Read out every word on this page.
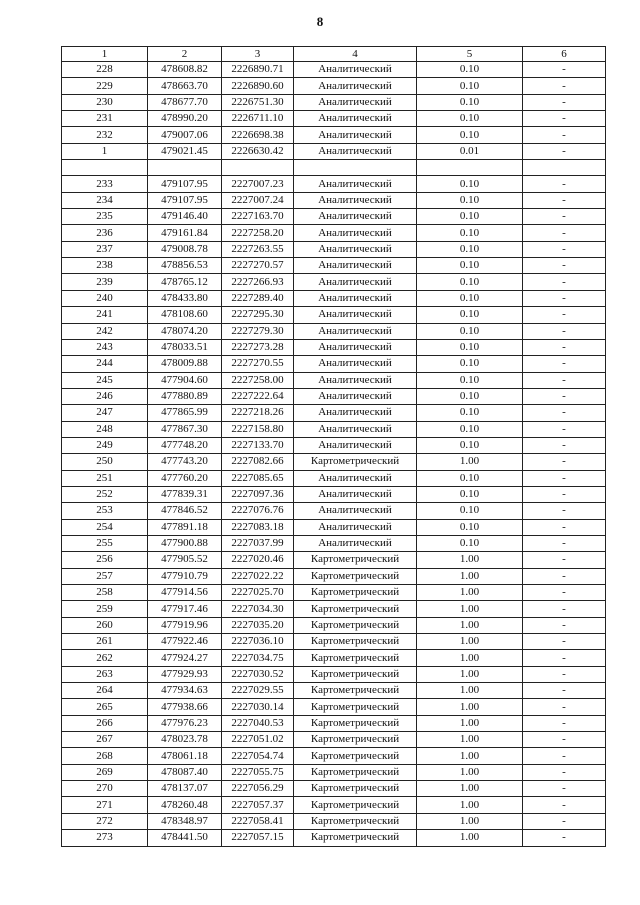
8
1	2	3	4	5	6
228	478608.82	2226890.71	Аналитический	0.10	-
229	478663.70	2226890.60	Аналитический	0.10	-
230	478677.70	2226751.30	Аналитический	0.10	-
231	478990.20	2226711.10	Аналитический	0.10	-
232	479007.06	2226698.38	Аналитический	0.10	-
1	479021.45	2226630.42	Аналитический	0.01	-

233	479107.95	2227007.23	Аналитический	0.10	-
234	479107.95	2227007.24	Аналитический	0.10	-
235	479146.40	2227163.70	Аналитический	0.10	-
236	479161.84	2227258.20	Аналитический	0.10	-
237	479008.78	2227263.55	Аналитический	0.10	-
238	478856.53	2227270.57	Аналитический	0.10	-
239	478765.12	2227266.93	Аналитический	0.10	-
240	478433.80	2227289.40	Аналитический	0.10	-
241	478108.60	2227295.30	Аналитический	0.10	-
242	478074.20	2227279.30	Аналитический	0.10	-
243	478033.51	2227273.28	Аналитический	0.10	-
244	478009.88	2227270.55	Аналитический	0.10	-
245	477904.60	2227258.00	Аналитический	0.10	-
246	477880.89	2227222.64	Аналитический	0.10	-
247	477865.99	2227218.26	Аналитический	0.10	-
248	477867.30	2227158.80	Аналитический	0.10	-
249	477748.20	2227133.70	Аналитический	0.10	-
250	477743.20	2227082.66	Картометрический	1.00	-
251	477760.20	2227085.65	Аналитический	0.10	-
252	477839.31	2227097.36	Аналитический	0.10	-
253	477846.52	2227076.76	Аналитический	0.10	-
254	477891.18	2227083.18	Аналитический	0.10	-
255	477900.88	2227037.99	Аналитический	0.10	-
256	477905.52	2227020.46	Картометрический	1.00	-
257	477910.79	2227022.22	Картометрический	1.00	-
258	477914.56	2227025.70	Картометрический	1.00	-
259	477917.46	2227034.30	Картометрический	1.00	-
260	477919.96	2227035.20	Картометрический	1.00	-
261	477922.46	2227036.10	Картометрический	1.00	-
262	477924.27	2227034.75	Картометрический	1.00	-
263	477929.93	2227030.52	Картометрический	1.00	-
264	477934.63	2227029.55	Картометрический	1.00	-
265	477938.66	2227030.14	Картометрический	1.00	-
266	477976.23	2227040.53	Картометрический	1.00	-
267	478023.78	2227051.02	Картометрический	1.00	-
268	478061.18	2227054.74	Картометрический	1.00	-
269	478087.40	2227055.75	Картометрический	1.00	-
270	478137.07	2227056.29	Картометрический	1.00	-
271	478260.48	2227057.37	Картометрический	1.00	-
272	478348.97	2227058.41	Картометрический	1.00	-
273	478441.50	2227057.15	Картометрический	1.00	-
